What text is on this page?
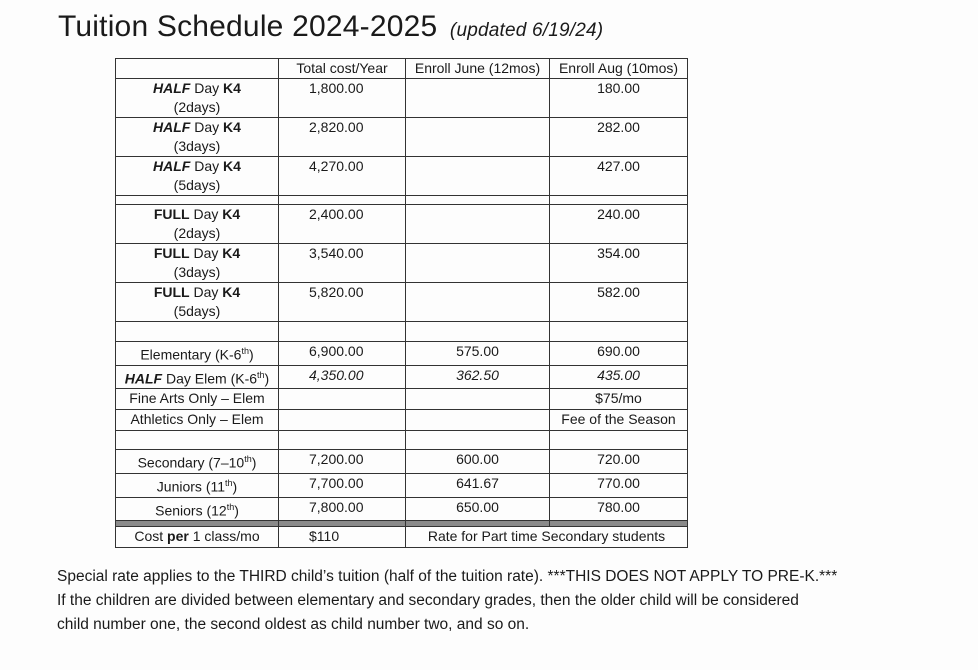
Tuition Schedule 2024-2025 (updated 6/19/24)
	Total cost/Year	Enroll June (12mos)	Enroll Aug (10mos)
HALF Day K4
(2days)	1,800.00		180.00
HALF Day K4
(3days)	2,820.00		282.00
HALF Day K4
(5days)	4,270.00		427.00

FULL Day K4
(2days)	2,400.00		240.00
FULL Day K4
(3days)	3,540.00		354.00
FULL Day K4
(5days)	5,820.00		582.00

Elementary (K-6th)	6,900.00	575.00	690.00
HALF Day Elem (K-6th)	4,350.00	362.50	435.00
Fine Arts Only – Elem			$75/mo
Athletics Only – Elem			Fee of the Season

Secondary (7–10th)	7,200.00	600.00	720.00
Juniors (11th)	7,700.00	641.67	770.00
Seniors (12th)	7,800.00	650.00	780.00

Cost per 1 class/mo	$110	Rate for Part time Secondary students	

Special rate applies to the THIRD child’s tuition (half of the tuition rate). ***THIS DOES NOT APPLY TO PRE-K.***

If the children are divided between elementary and secondary grades, then the older child will be considered

child number one, the second oldest as child number two, and so on.
